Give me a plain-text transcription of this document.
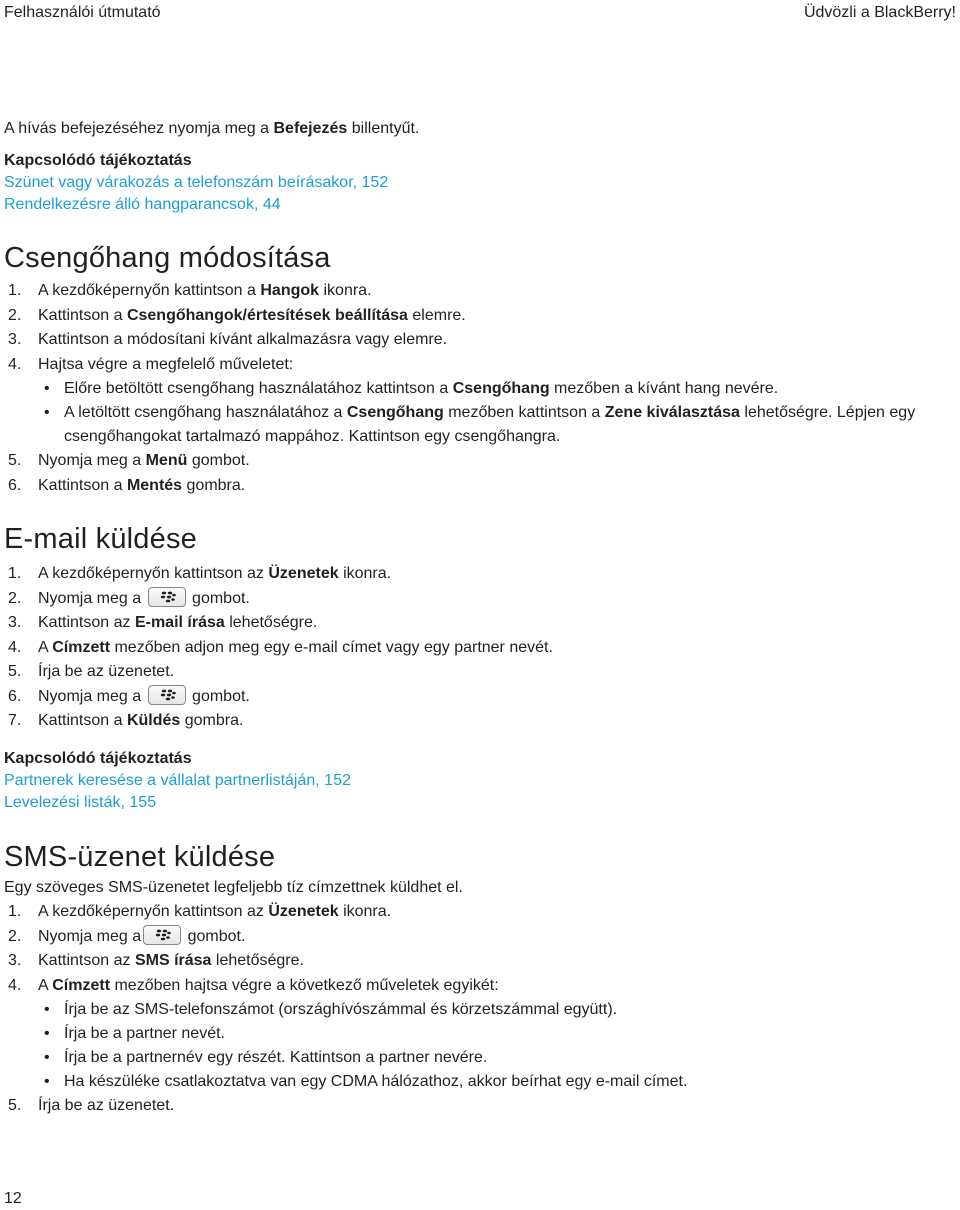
Felhasználói útmutató	Üdvözli a BlackBerry!

A hívás befejezéséhez nyomja meg a Befejezés billentyűt.

Kapcsolódó tájékoztatás

Szünet vagy várakozás a telefonszám beírásakor, 152

Rendelkezésre álló hangparancsok, 44

Csengőhang módosítása
1. A kezdőképernyőn kattintson a Hangok ikonra.
2. Kattintson a Csengőhangok/értesítések beállítása elemre.
3. Kattintson a módosítani kívánt alkalmazásra vagy elemre.
4. Hajtsa végre a megfelelő műveletet:
• Előre betöltött csengőhang használatához kattintson a Csengőhang mezőben a kívánt hang nevére.
• A letöltött csengőhang használatához a Csengőhang mezőben kattintson a Zene kiválasztása lehetőségre. Lépjen egy csengőhangokat tartalmazó mappához. Kattintson egy csengőhangra.
5. Nyomja meg a Menü gombot.
6. Kattintson a Mentés gombra.
E-mail küldése
1. A kezdőképernyőn kattintson az Üzenetek ikonra.
2. Nyomja meg a	gombot.
3. Kattintson az E-mail írása lehetőségre.
4. A Címzett mezőben adjon meg egy e-mail címet vagy egy partner nevét.
5. Írja be az üzenetet.
6. Nyomja meg a	gombot.
7. Kattintson a Küldés gombra.

Kapcsolódó tájékoztatás

Partnerek keresése a vállalat partnerlistáján, 152

Levelezési listák, 155

SMS-üzenet küldése

Egy szöveges SMS-üzenetet legfeljebb tíz címzettnek küldhet el.

1. A kezdőképernyőn kattintson az Üzenetek ikonra.
2. Nyomja meg a	gombot.
3. Kattintson az SMS írása lehetőségre.
4. A Címzett mezőben hajtsa végre a következő műveletek egyikét:
• Írja be az SMS-telefonszámot (országhívószámmal és körzetszámmal együtt).
• Írja be a partner nevét.
• Írja be a partnernév egy részét. Kattintson a partner nevére.
• Ha készüléke csatlakoztatva van egy CDMA hálózathoz, akkor beírhat egy e-mail címet.
5. Írja be az üzenetet.
12
